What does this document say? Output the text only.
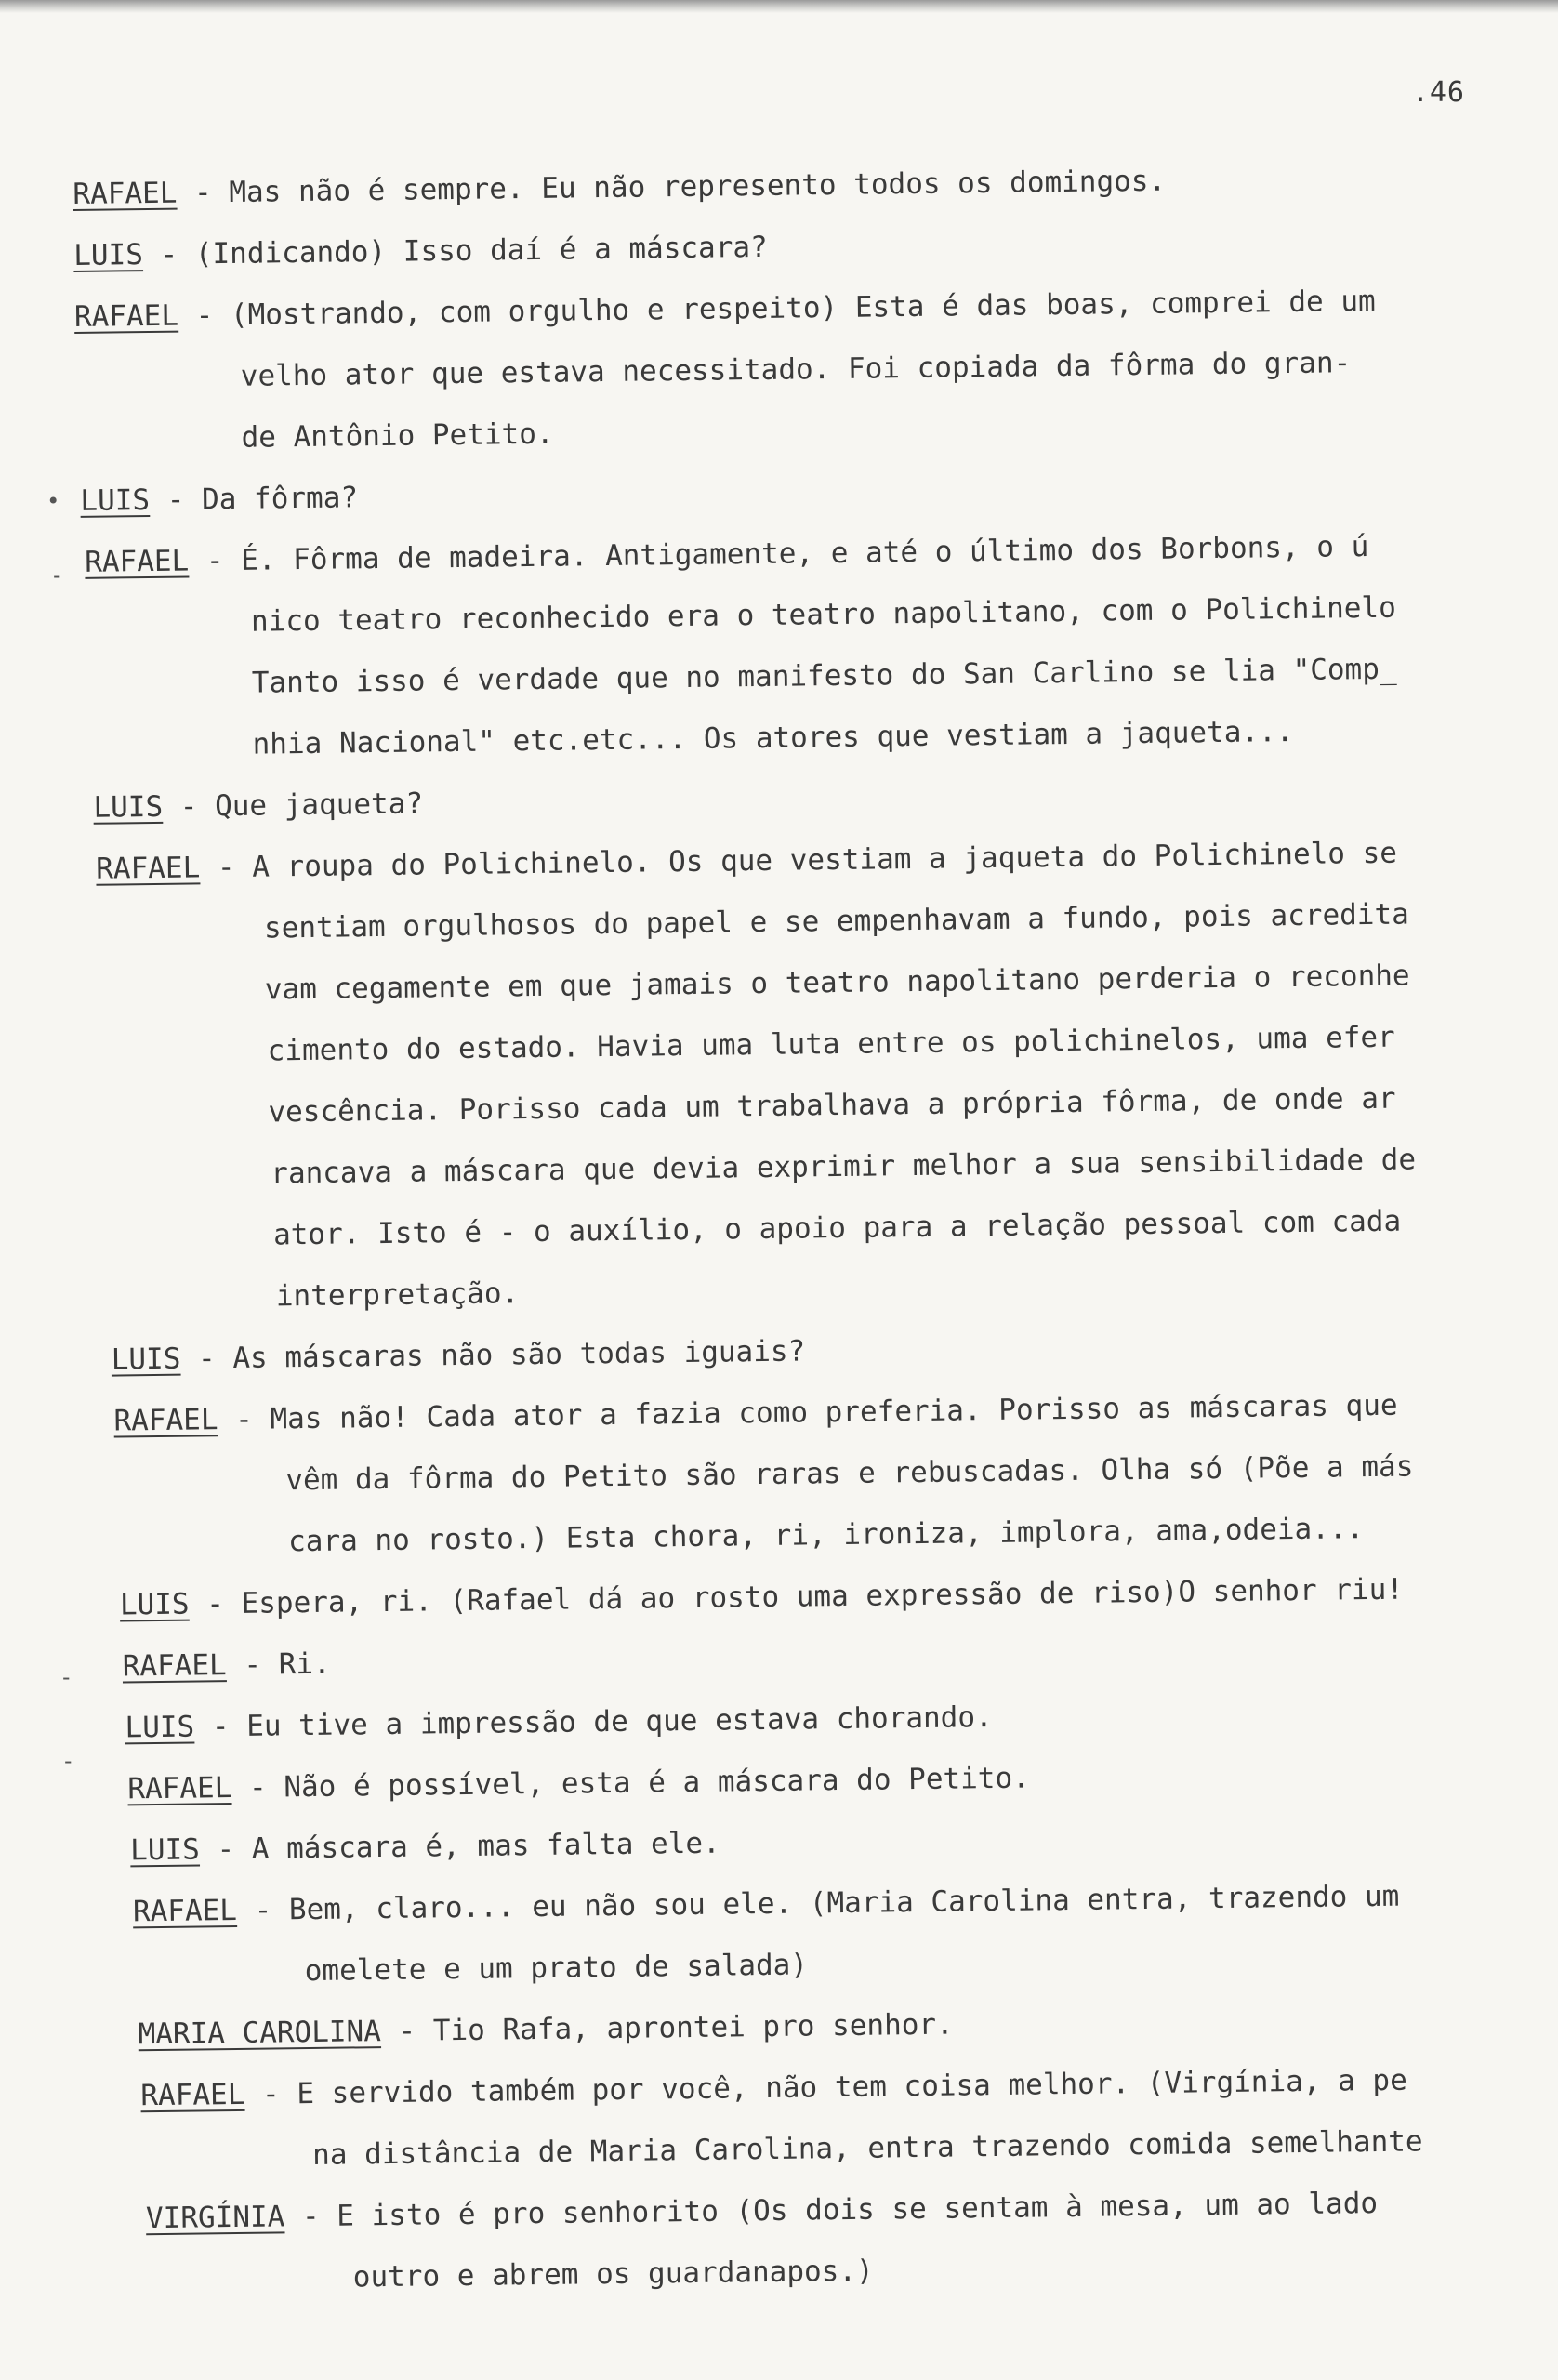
.46
•
-
-
-
RAFAEL - Mas não é sempre. Eu não represento todos os domingos.
LUIS - (Indicando) Isso daí é a máscara?
RAFAEL - (Mostrando, com orgulho e respeito) Esta é das boas, comprei de um
velho ator que estava necessitado. Foi copiada da fôrma do gran-
de Antônio Petito.
LUIS - Da fôrma?
RAFAEL - É. Fôrma de madeira. Antigamente, e até o último dos Borbons, o ú
nico teatro reconhecido era o teatro napolitano, com o Polichinelo
Tanto isso é verdade que no manifesto do San Carlino se lia "Comp_
nhia Nacional" etc.etc... Os atores que vestiam a jaqueta...
LUIS - Que jaqueta?
RAFAEL - A roupa do Polichinelo. Os que vestiam a jaqueta do Polichinelo se
sentiam orgulhosos do papel e se empenhavam a fundo, pois acredita
vam cegamente em que jamais o teatro napolitano perderia o reconhe
cimento do estado. Havia uma luta entre os polichinelos, uma efer
vescência. Porisso cada um trabalhava a própria fôrma, de onde ar
rancava a máscara que devia exprimir melhor a sua sensibilidade de
ator. Isto é - o auxílio, o apoio para a relação pessoal com cada
interpretação.
LUIS - As máscaras não são todas iguais?
RAFAEL - Mas não! Cada ator a fazia como preferia. Porisso as máscaras que
vêm da fôrma do Petito são raras e rebuscadas. Olha só (Põe a más
cara no rosto.) Esta chora, ri, ironiza, implora, ama,odeia...
LUIS - Espera, ri. (Rafael dá ao rosto uma expressão de riso)O senhor riu!
RAFAEL - Ri.
LUIS - Eu tive a impressão de que estava chorando.
RAFAEL - Não é possível, esta é a máscara do Petito.
LUIS - A máscara é, mas falta ele.
RAFAEL - Bem, claro... eu não sou ele. (Maria Carolina entra, trazendo um
omelete e um prato de salada)
MARIA CAROLINA - Tio Rafa, aprontei pro senhor.
RAFAEL - E servido também por você, não tem coisa melhor. (Virgínia, a pe
na distância de Maria Carolina, entra trazendo comida semelhante
VIRGÍNIA - E isto é pro senhorito (Os dois se sentam à mesa, um ao lado
outro e abrem os guardanapos.)
